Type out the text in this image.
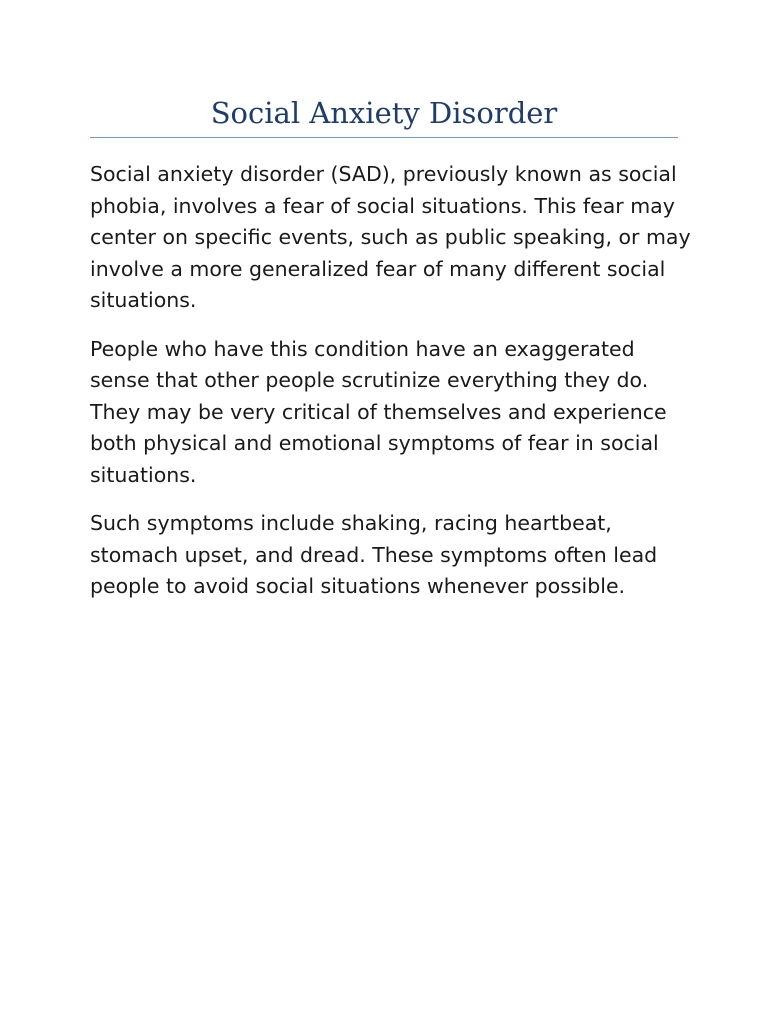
Social Anxiety Disorder

Social anxiety disorder (SAD), previously known as social
phobia, involves a fear of social situations. This fear may
center on specific events, such as public speaking, or may
involve a more generalized fear of many different social
situations.

People who have this condition have an exaggerated
sense that other people scrutinize everything they do.
They may be very critical of themselves and experience
both physical and emotional symptoms of fear in social
situations.

Such symptoms include shaking, racing heartbeat,
stomach upset, and dread. These symptoms often lead
people to avoid social situations whenever possible.
